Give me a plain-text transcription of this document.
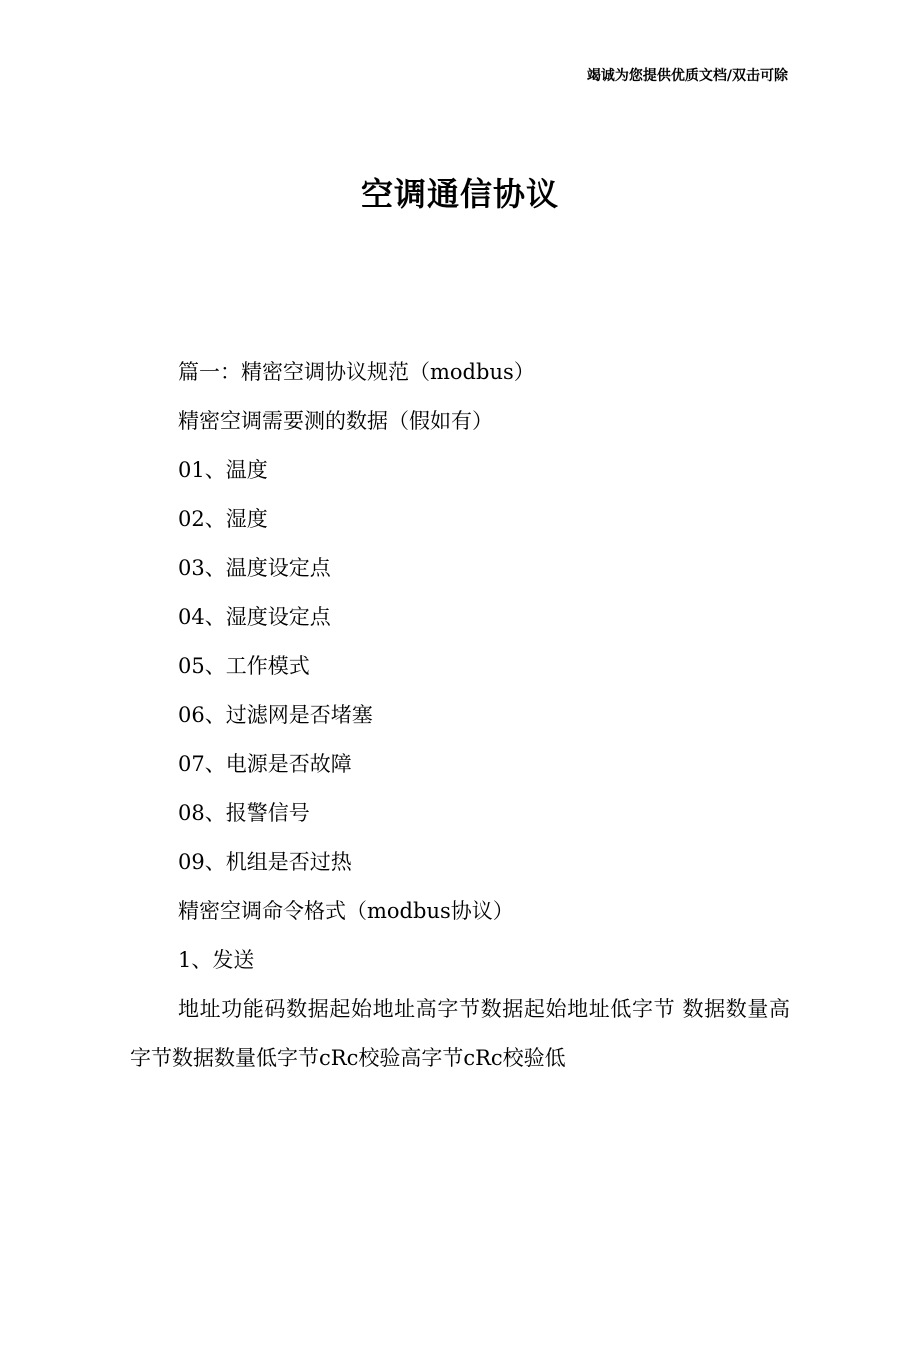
竭诚为您提供优质文档/双击可除
空调通信协议

篇一：精密空调协议规范（modbus）

精密空调需要测的数据（假如有）

01、温度

02、湿度

03、温度设定点

04、湿度设定点

05、工作模式

06、过滤网是否堵塞

07、电源是否故障

08、报警信号

09、机组是否过热

精密空调命令格式（modbus协议）

1、发送

地址功能码数据起始地址高字节数据起始地址低字节 数据数量高字节数据数量低字节cRc校验高字节cRc校验低
